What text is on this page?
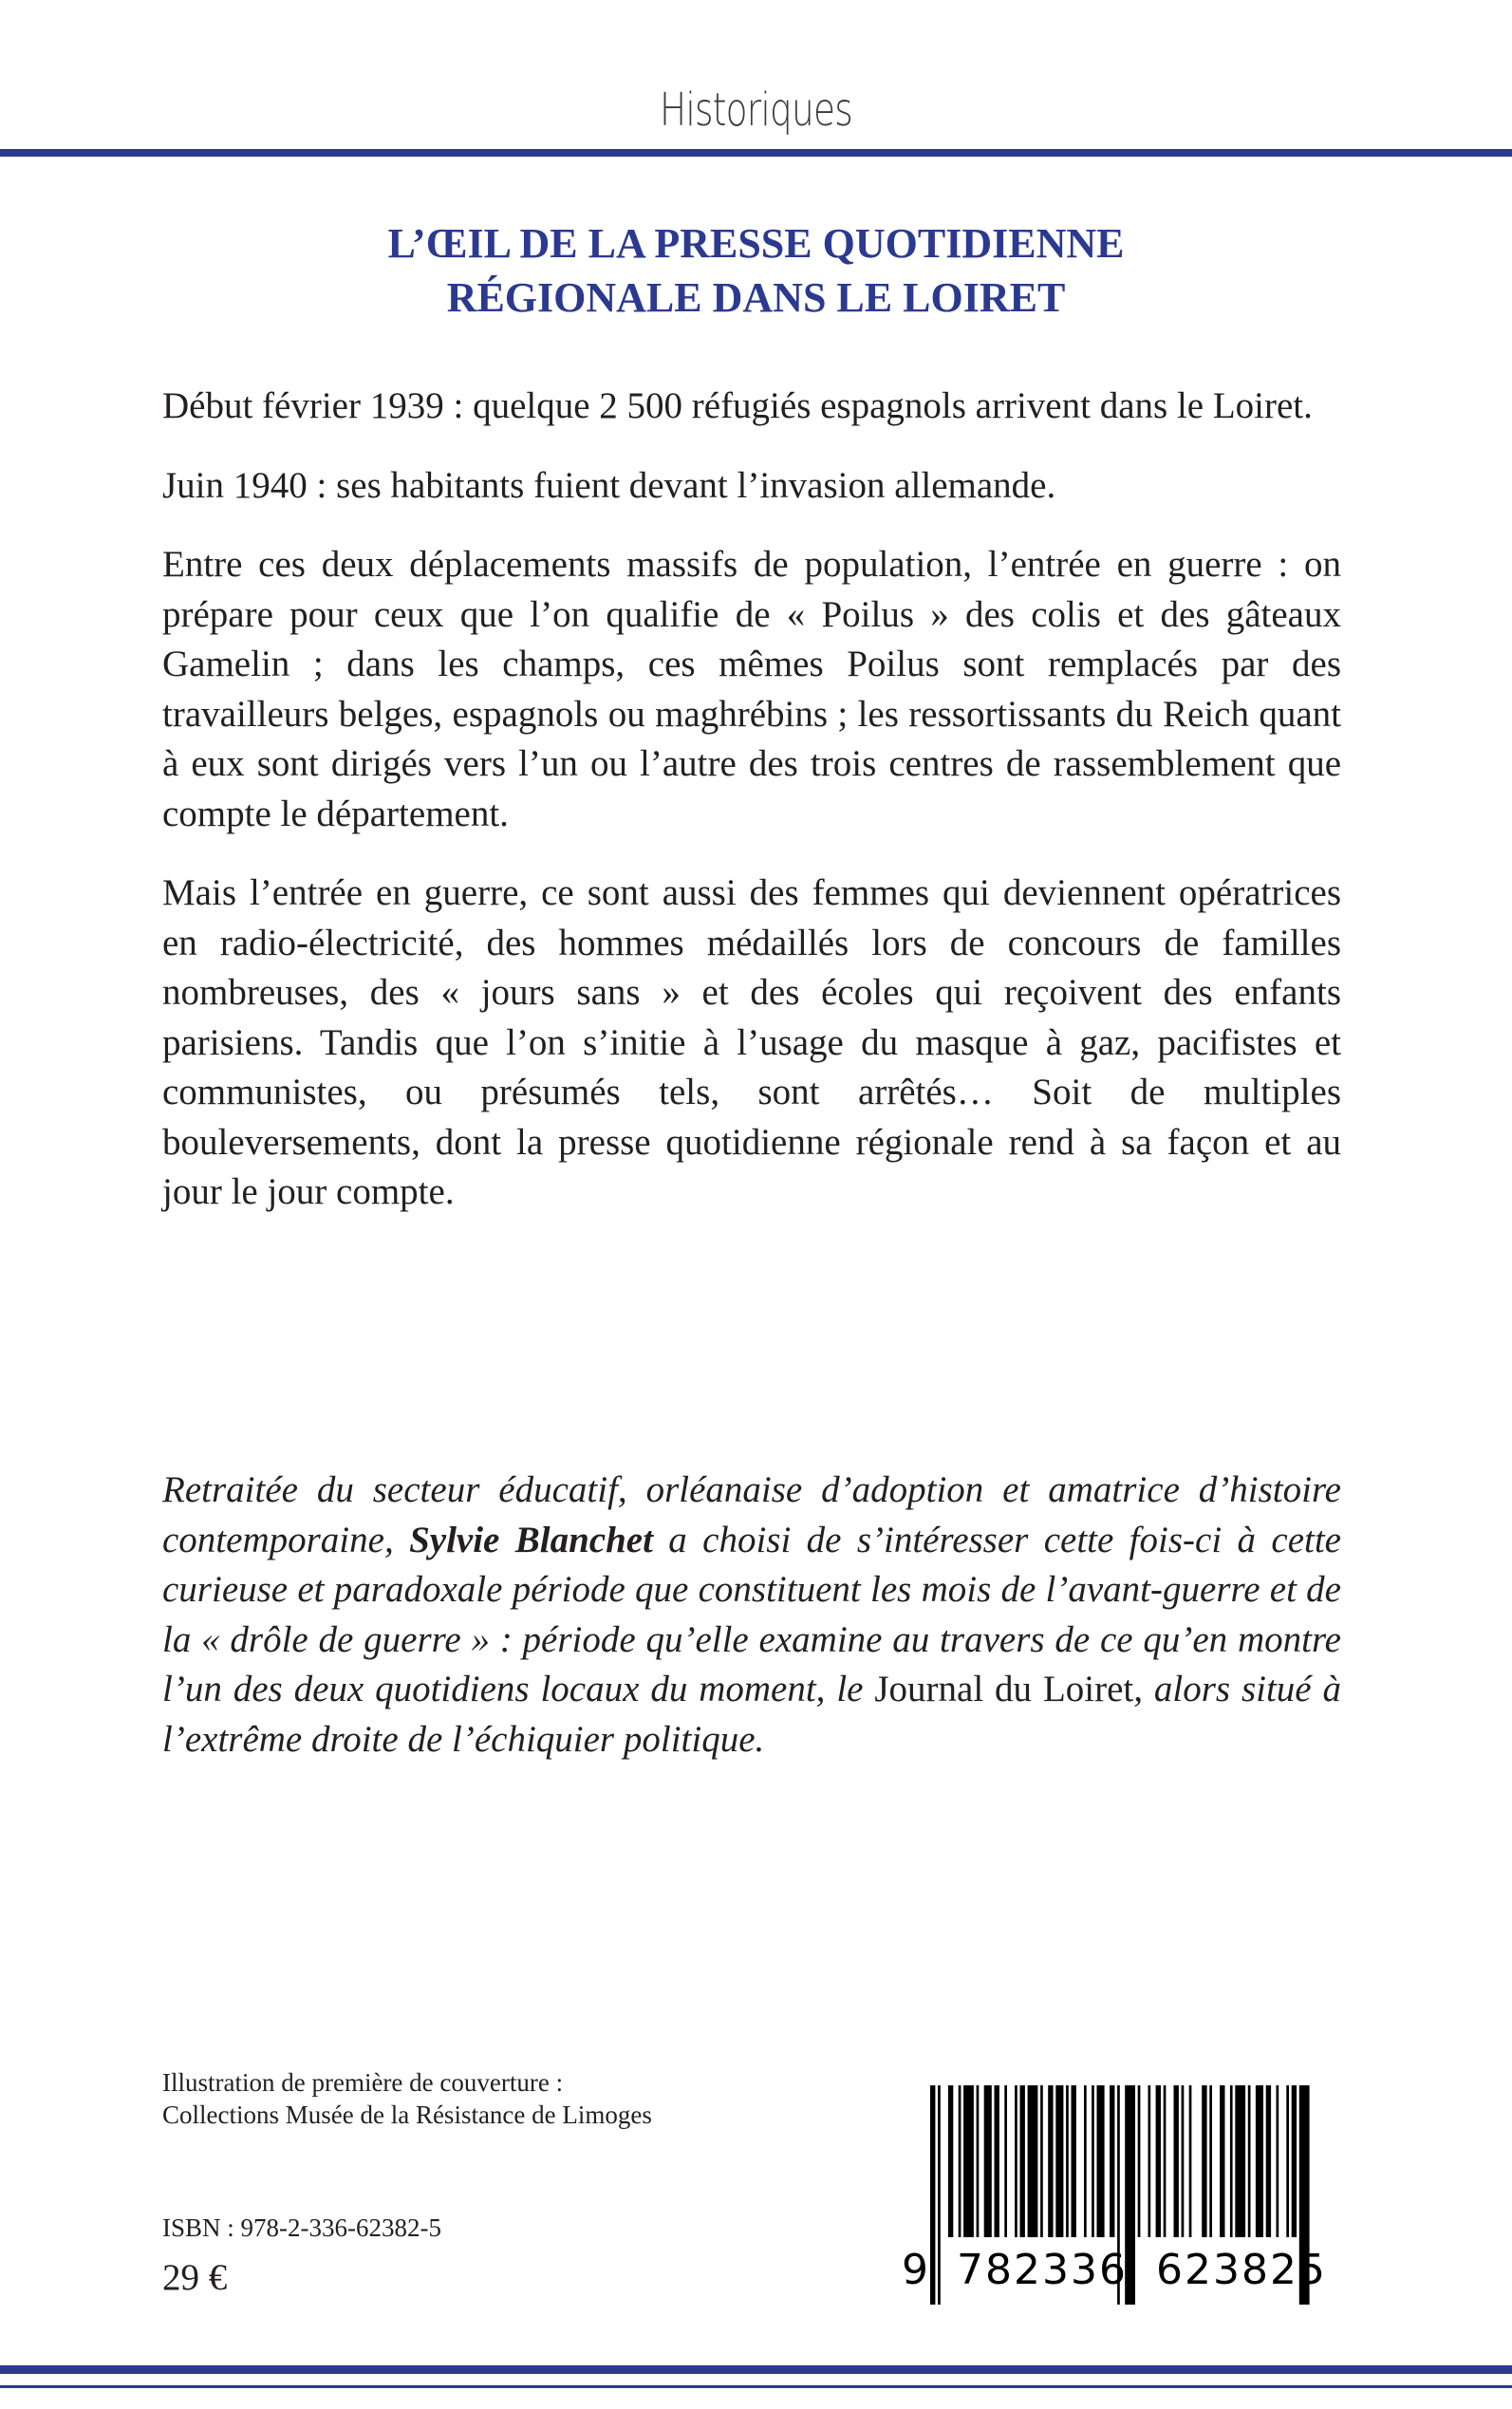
Historiques
L’ŒIL DE LA PRESSE QUOTIDIENNE
RÉGIONALE DANS LE LOIRET

Début février 1939 : quelque 2 500 réfugiés espagnols arrivent dans le Loiret.

Juin 1940 : ses habitants fuient devant l’invasion allemande.

Entre ces deux déplacements massifs de population, l’entrée en guerre : on prépare pour ceux que l’on qualifie de « Poilus » des colis et des gâteaux Gamelin ; dans les champs, ces mêmes Poilus sont remplacés par des travailleurs belges, espagnols ou maghrébins ; les ressortissants du Reich quant à eux sont dirigés vers l’un ou l’autre des trois centres de rassemblement que compte le département.

Mais l’entrée en guerre, ce sont aussi des femmes qui deviennent opératrices en radio-électricité, des hommes médaillés lors de concours de familles nombreuses, des « jours sans » et des écoles qui reçoivent des enfants parisiens. Tandis que l’on s’initie à l’usage du masque à gaz, pacifistes et communistes, ou présumés tels, sont arrêtés… Soit de multiples bouleversements, dont la presse quotidienne régionale rend à sa façon et au jour le jour compte.

Retraitée du secteur éducatif, orléanaise d’adoption et amatrice d’histoire contemporaine, Sylvie Blanchet a choisi de s’intéresser cette fois-ci à cette curieuse et paradoxale période que constituent les mois de l’avant-guerre et de la « drôle de guerre » : période qu’elle examine au travers de ce qu’en montre l’un des deux quotidiens locaux du moment, le Journal du Loiret, alors situé à l’extrême droite de l’échiquier politique.
Illustration de première de couverture :
Collections Musée de la Résistance de Limoges
ISBN : 978-2-336-62382-5
29 €	9 782336 623825
